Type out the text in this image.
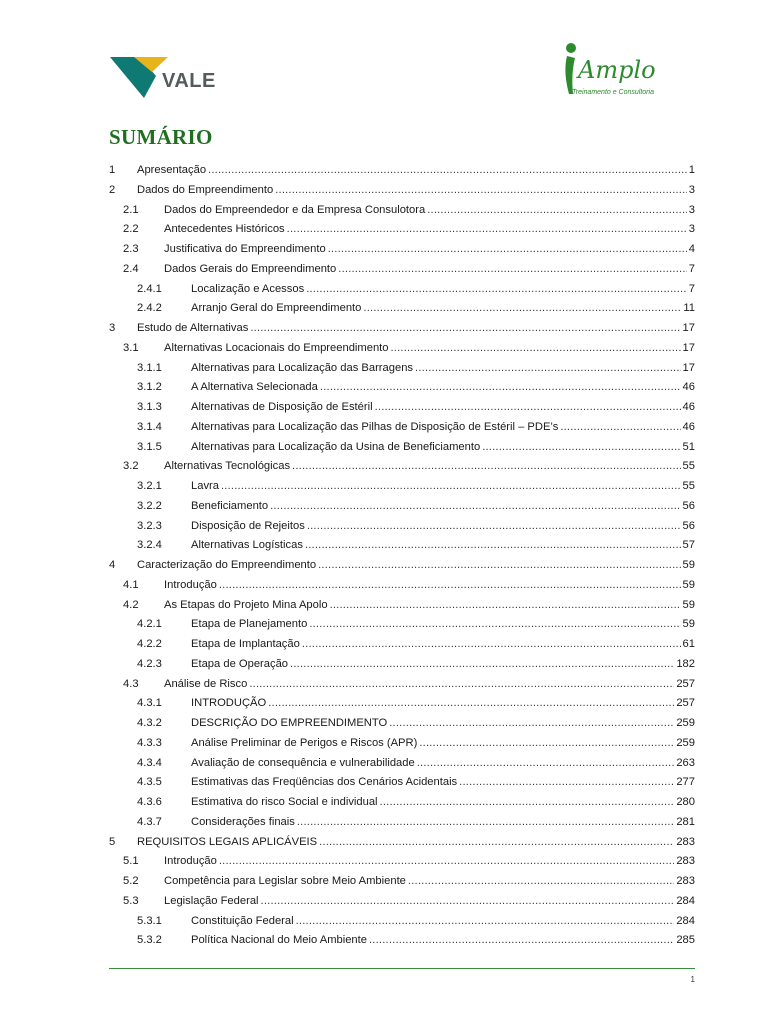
VALE	Amplo
Treinamento e Consultoria
SUMÁRIO
1 Apresentação .....	1
2 Dados do Empreendimento .....	3
2.1 Dados do Empreendedor e da Empresa Consulotora .....	3
2.2 Antecedentes Históricos .....	3
2.3 Justificativa do Empreendimento .....	4
2.4 Dados Gerais do Empreendimento .....	7
2.4.1	Localização e Acessos .....	7
2.4.2	Arranjo Geral do Empreendimento .....	11
3 Estudo de Alternativas .....	17
3.1 Alternativas Locacionais do Empreendimento .....	17
3.1.1	Alternativas para Localização das Barragens .....	17
3.1.2	A Alternativa Selecionada .....	46
3.1.3	Alternativas de Disposição de Estéril .....	46
3.1.4	Alternativas para Localização das Pilhas de Disposição de Estéril – PDE’s .....	46
3.1.5	Alternativas para Localização da Usina de Beneficiamento .....	51
3.2 Alternativas Tecnológicas .....	55
3.2.1	Lavra .....	55
3.2.2	Beneficiamento .....	56
3.2.3	Disposição de Rejeitos .....	56
3.2.4	Alternativas Logísticas .....	57
4 Caracterização do Empreendimento .....	59
4.1 Introdução .....	59
4.2 As Etapas do Projeto Mina Apolo .....	59
4.2.1	Etapa de Planejamento .....	59
4.2.2	Etapa de Implantação .....	61
4.2.3	Etapa de Operação .....	182
4.3 Análise de Risco .....	257
4.3.1	INTRODUÇÃO .....	257
4.3.2	DESCRIÇÃO DO EMPREENDIMENTO .....	259
4.3.3	Análise Preliminar de Perigos e Riscos (APR) .....	259
4.3.4	Avaliação de consequência e vulnerabilidade .....	263
4.3.5	Estimativas das Freqüências dos Cenários Acidentais .....	277
4.3.6	Estimativa do risco Social e individual .....	280
4.3.7	Considerações finais .....	281
5 REQUISITOS LEGAIS APLICÁVEIS .....	283
5.1 Introdução .....	283
5.2 Competência para Legislar sobre Meio Ambiente .....	283
5.3 Legislação Federal .....	284
5.3.1	Constituição Federal .....	284
5.3.2	Política Nacional do Meio Ambiente .....	285
1
